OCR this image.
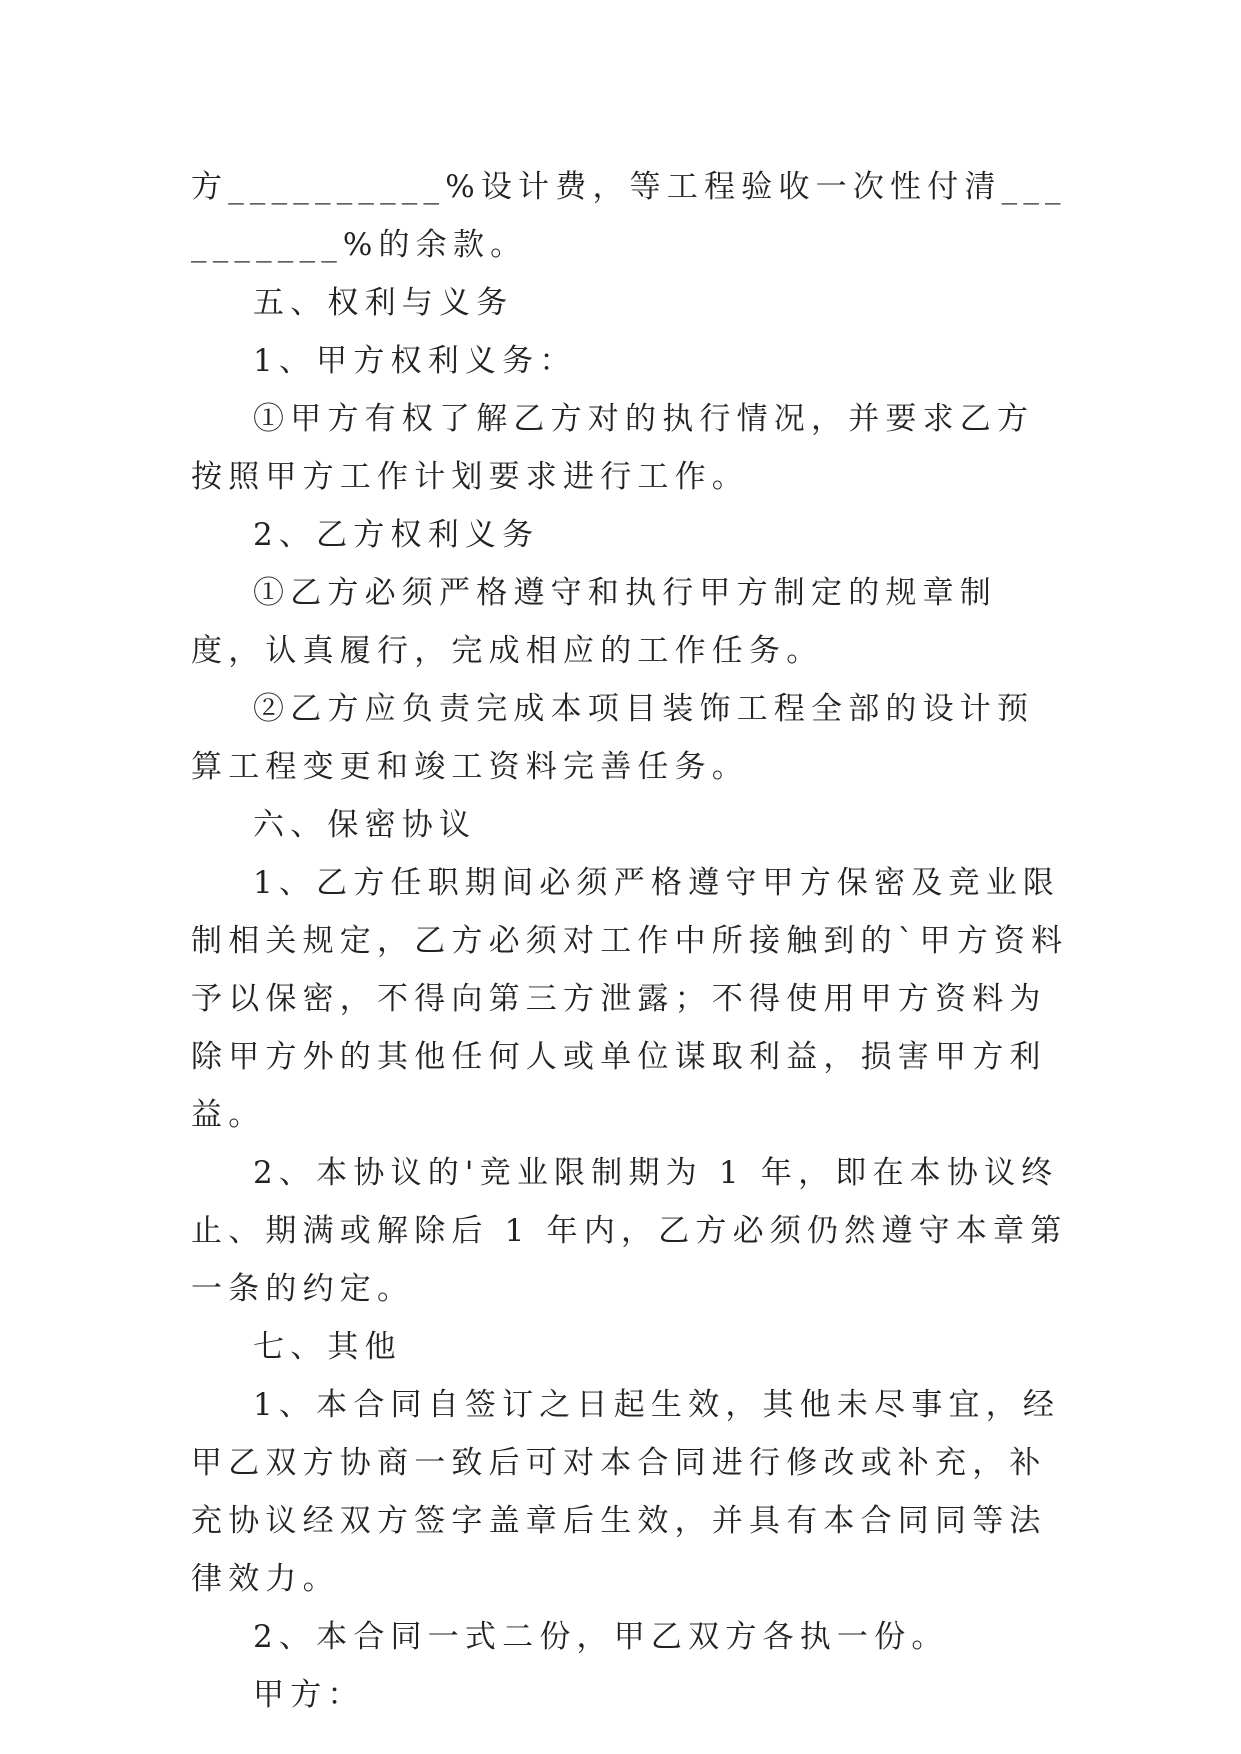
方__________%设计费，等工程验收一次性付清__________%的余款。

五、权利与义务

1、甲方权利义务：

①甲方有权了解乙方对的执行情况，并要求乙方按照甲方工作计划要求进行工作。

2、乙方权利义务

①乙方必须严格遵守和执行甲方制定的规章制度，认真履行，完成相应的工作任务。

②乙方应负责完成本项目装饰工程全部的设计预算工程变更和竣工资料完善任务。

六、保密协议

1、乙方任职期间必须严格遵守甲方保密及竞业限制相关规定，乙方必须对工作中所接触到的`甲方资料予以保密，不得向第三方泄露；不得使用甲方资料为除甲方外的其他任何人或单位谋取利益，损害甲方利益。

2、本协议的'竞业限制期为 1 年，即在本协议终止、期满或解除后 1 年内，乙方必须仍然遵守本章第一条的约定。

七、其他

1、本合同自签订之日起生效，其他未尽事宜，经甲乙双方协商一致后可对本合同进行修改或补充，补充协议经双方签字盖章后生效，并具有本合同同等法律效力。

2、本合同一式二份，甲乙双方各执一份。

甲方：
